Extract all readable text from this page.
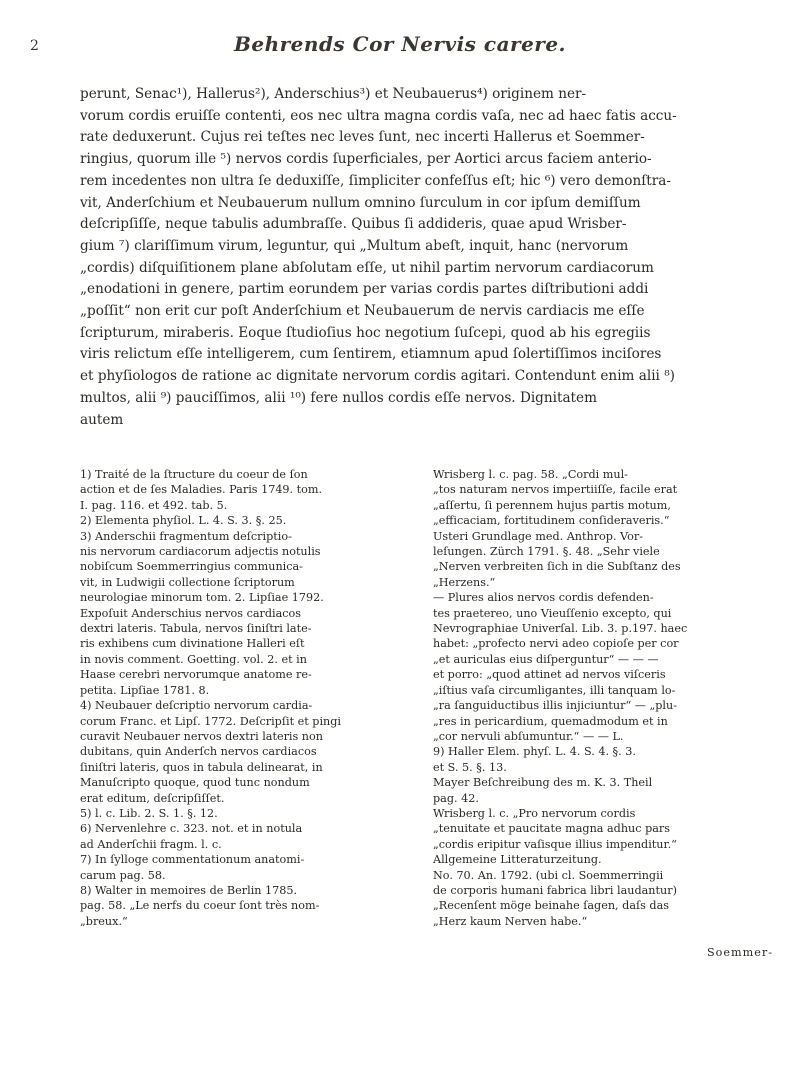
2	Behrends Cor Nervis carere.
perunt, Senac¹), Hallerus²), Anderschius³) et Neubauerus⁴) originem ner-
vorum cordis eruiſſe contenti, eos nec ultra magna cordis vaſa, nec ad haec fatis accu-
rate deduxerunt. Cujus rei teſtes nec leves ſunt, nec incerti Hallerus et Soemmer-
ringius, quorum ille ⁵) nervos cordis ſuperficiales, per Aortici arcus faciem anterio-
rem incedentes non ultra ſe deduxiſſe, ſimpliciter confeſſus eſt; hic ⁶) vero demonſtra-
vit, Anderſchium et Neubauerum nullum omnino ſurculum in cor ipſum demiſſum
deſcripſiſſe, neque tabulis adumbraſſe. Quibus ſi addideris, quae apud Wrisber-
gium ⁷) clariſſimum virum, leguntur, qui „Multum abeſt, inquit, hanc (nervorum
„cordis) diſquiſitionem plane abſolutam eſſe, ut nihil partim nervorum cardiacorum
„enodationi in genere, partim eorundem per varias cordis partes diſtributioni addi
„poſſit“ non erit cur poſt Anderſchium et Neubauerum de nervis cardiacis me eſſe
ſcripturum, miraberis. Eoque ſtudioſius hoc negotium ſuſcepi, quod ab his egregiis
viris relictum eſſe intelligerem, cum ſentirem, etiamnum apud ſolertiſſimos inciſores
et phyſiologos de ratione ac dignitate nervorum cordis agitari. Contendunt enim alii ⁸)
multos, alii ⁹) pauciſſimos, alii ¹⁰) fere nullos cordis eſſe nervos. Dignitatem
autem
1) Traité de la ſtructure du coeur de ſon
action et de ſes Maladies. Paris 1749. tom.
I. pag. 116. et 492. tab. 5.
2) Elementa phyſiol. L. 4. S. 3. §. 25.
3) Anderschii fragmentum deſcriptio-
nis nervorum cardiacorum adjectis notulis
nobiſcum Soemmerringius communica-
vit, in Ludwigii collectione ſcriptorum
neurologiae minorum tom. 2. Lipſiae 1792.
Expoſuit Anderschius nervos cardiacos
dextri lateris. Tabula, nervos ſiniſtri late-
ris exhibens cum divinatione Halleri eſt
in novis comment. Goetting. vol. 2. et in
Haase cerebri nervorumque anatome re-
petita. Lipſiae 1781. 8.
4) Neubauer deſcriptio nervorum cardia-
corum Franc. et Lipſ. 1772. Deſcripſit et pingi
curavit Neubauer nervos dextri lateris non
dubitans, quin Anderſch nervos cardiacos
ſiniſtri lateris, quos in tabula delinearat, in
Manuſcripto quoque, quod tunc nondum
erat editum, deſcripſiſſet.
5) l. c. Lib. 2. S. 1. §. 12.
6) Nervenlehre c. 323. not. et in notula
ad Anderſchii fragm. l. c.
7) In ſylloge commentationum anatomi-
carum pag. 58.
8) Walter in memoires de Berlin 1785.
pag. 58. „Le nerfs du coeur ſont très nom-
„breux.“
Wrisberg l. c. pag. 58. „Cordi mul-
„tos naturam nervos impertiiſſe, facile erat
„aſſertu, ſi perennem hujus partis motum,
„efficaciam, fortitudinem conſideraveris.“
Usteri Grundlage med. Anthrop. Vor-
leſungen. Zürch 1791. §. 48. „Sehr viele
„Nerven verbreiten ſich in die Subſtanz des
„Herzens.“
— Plures alios nervos cordis defenden-
tes praetereo, uno Vieuſſenio excepto, qui
Nevrographiae Univerſal. Lib. 3. p.197. haec
habet: „profecto nervi adeo copioſe per cor
„et auriculas eius diſperguntur“ — — —
et porro: „quod attinet ad nervos viſceris
„iſtius vaſa circumligantes, illi tanquam lo-
„ra ſanguiductibus illis injiciuntur“ — „plu-
„res in pericardium, quemadmodum et in
„cor nervuli abſumuntur.“ — — L.
9) Haller Elem. phyſ. L. 4. S. 4. §. 3.
et S. 5. §. 13.
Mayer Beſchreibung des m. K. 3. Theil
pag. 42.
Wrisberg l. c. „Pro nervorum cordis
„tenuitate et paucitate magna adhuc pars
„cordis eripitur vaſisque illius impenditur.“
Allgemeine Litteraturzeitung.
No. 70. An. 1792. (ubi cl. Soemmerringii
de corporis humani fabrica libri laudantur)
„Recenſent möge beinahe ſagen, daſs das
„Herz kaum Nerven habe.“
Soemmer-
